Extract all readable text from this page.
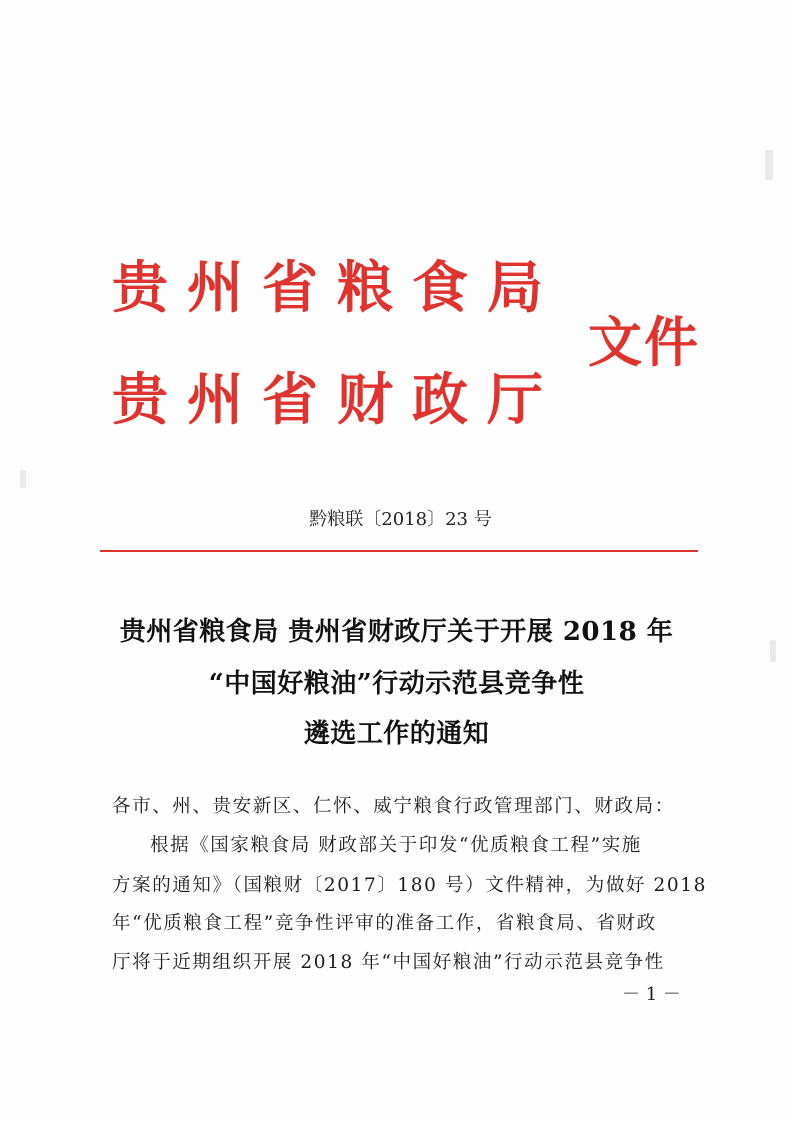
贵州省粮食局
贵州省财政厅
文件
黔粮联〔2018〕23 号
贵州省粮食局 贵州省财政厅关于开展 2018 年
“中国好粮油”行动示范县竞争性
遴选工作的通知
各市、州、贵安新区、仁怀、威宁粮食行政管理部门、财政局：
根据《国家粮食局 财政部关于印发“优质粮食工程”实施
方案的通知》（国粮财〔2017〕180 号）文件精神，为做好 2018
年“优质粮食工程”竞争性评审的准备工作，省粮食局、省财政
厅将于近期组织开展 2018 年“中国好粮油”行动示范县竞争性
－ 1 －
